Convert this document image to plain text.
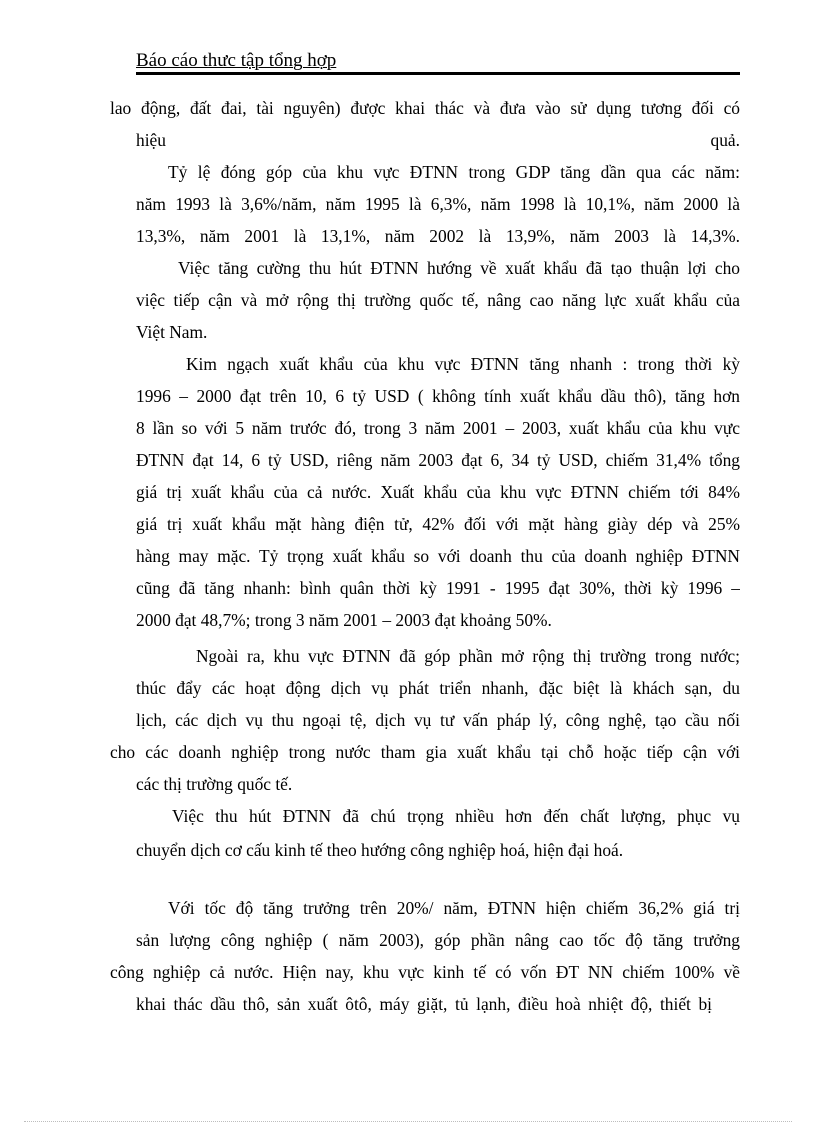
Báo cáo thưc tập tổng hợp
lao động, đất đai, tài nguyên) được khai thác và đưa vào sử dụng tương đối có
hiệu	quả.
Tỷ lệ đóng góp của khu vực ĐTNN trong GDP tăng dần qua các năm:
năm 1993 là 3,6%/năm, năm 1995 là 6,3%, năm 1998 là 10,1%, năm 2000 là
13,3%, năm 2001 là 13,1%, năm 2002 là 13,9%, năm 2003 là 14,3%.
Việc tăng cường thu hút ĐTNN hướng về xuất khẩu đã tạo thuận lợi cho
việc tiếp cận và mở rộng thị trường quốc tế, nâng cao năng lực xuất khẩu của
Việt Nam.
Kim ngạch xuất khẩu của khu vực ĐTNN tăng nhanh : trong thời kỳ
1996 – 2000 đạt trên 10, 6 tỷ USD ( không tính xuất khẩu dầu thô), tăng hơn
8 lần so với 5 năm trước đó, trong 3 năm 2001 – 2003, xuất khẩu của khu vực
ĐTNN đạt 14, 6 tỷ USD, riêng năm 2003 đạt 6, 34 tỷ USD, chiếm 31,4% tổng
giá trị xuất khẩu của cả nước. Xuất khẩu của khu vực ĐTNN chiếm tới 84%
giá trị xuất khẩu mặt hàng điện tử, 42% đối với mặt hàng giày dép và 25%
hàng may mặc. Tỷ trọng xuất khẩu so với doanh thu của doanh nghiệp ĐTNN
cũng đã tăng nhanh: bình quân thời kỳ 1991 - 1995 đạt 30%, thời kỳ 1996 –
2000 đạt 48,7%; trong 3 năm 2001 – 2003 đạt khoảng 50%.
Ngoài ra, khu vực ĐTNN đã góp phần mở rộng thị trường trong nước;
thúc đẩy các hoạt động dịch vụ phát triển nhanh, đặc biệt là khách sạn, du
lịch, các dịch vụ thu ngoại tệ, dịch vụ tư vấn pháp lý, công nghệ, tạo cầu nối
cho các doanh nghiệp trong nước tham gia xuất khẩu tại chỗ hoặc tiếp cận với
các thị trường quốc tế.
Việc thu hút ĐTNN đã chú trọng nhiều hơn đến chất lượng, phục vụ
chuyển dịch cơ cấu kinh tế theo hướng công nghiệp hoá, hiện đại hoá.
Với tốc độ tăng trưởng trên 20%/ năm, ĐTNN hiện chiếm 36,2% giá trị
sản lượng công nghiệp ( năm 2003), góp phần nâng cao tốc độ tăng trưởng
công nghiệp cả nước. Hiện nay, khu vực kinh tế có vốn ĐT NN chiếm 100% về
khai thác dầu thô, sản xuất ôtô, máy giặt, tủ lạnh, điều hoà nhiệt độ, thiết bị
